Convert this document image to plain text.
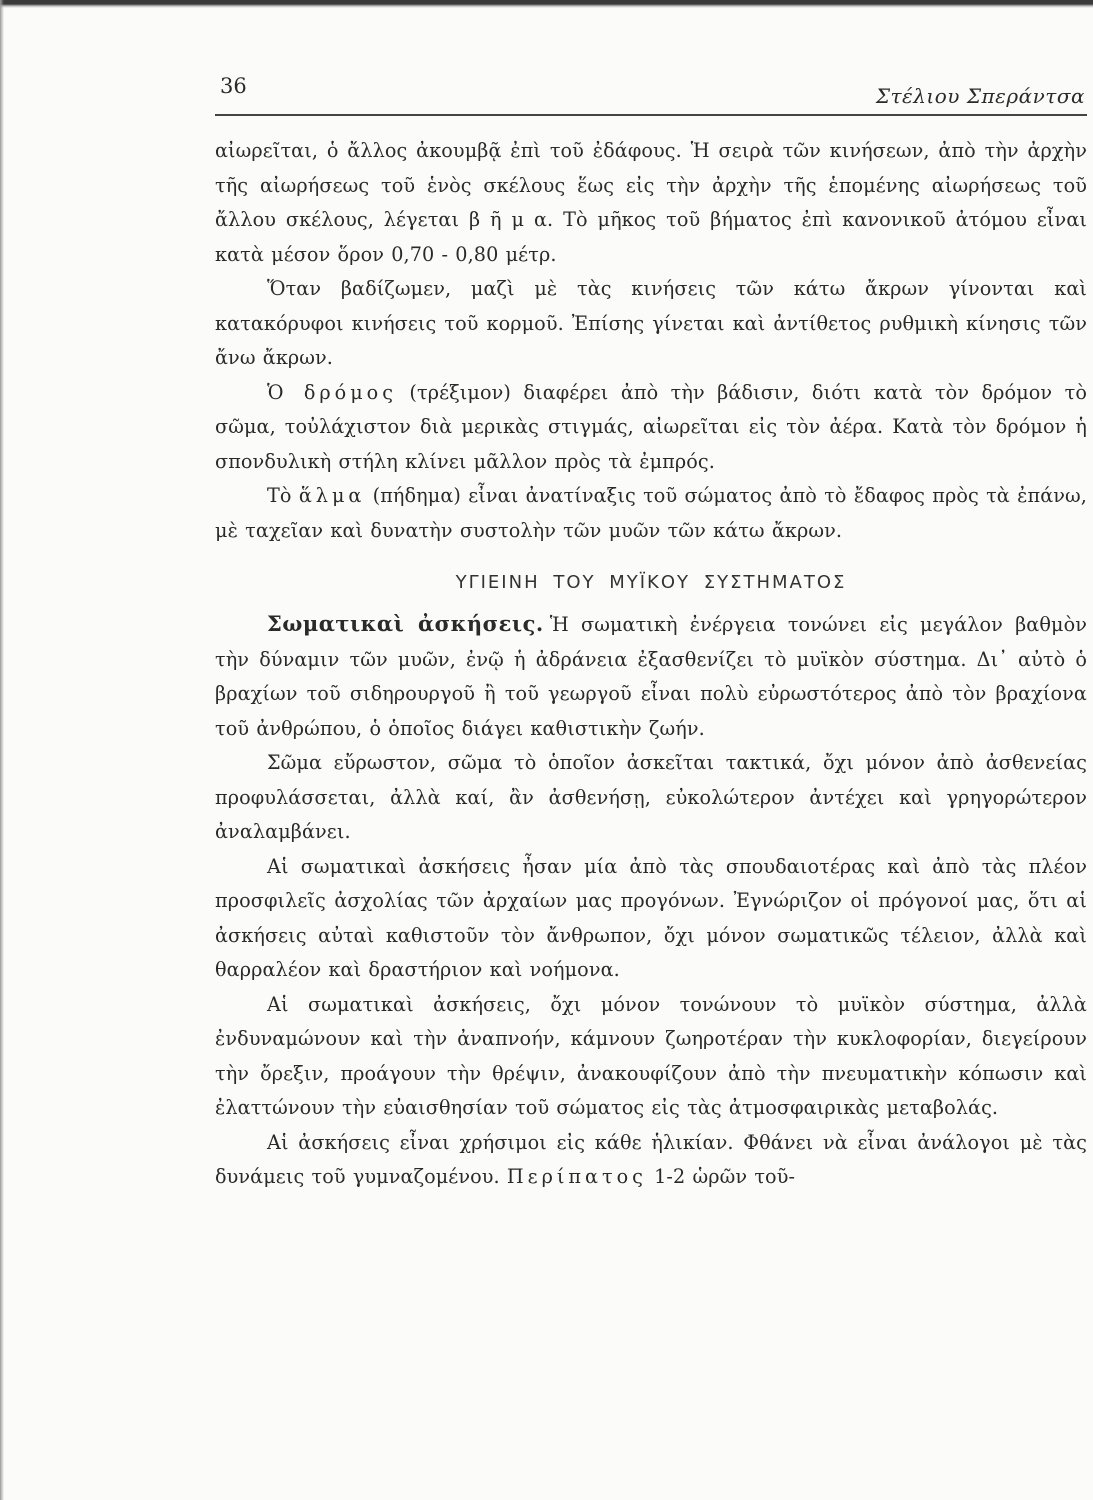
36	Στέλιου Σπεράντσα

αἰωρεῖται, ὁ ἄλλος ἀκουμβᾷ ἐπὶ τοῦ ἐδάφους. Ἡ σειρὰ τῶν κινήσεων, ἀπὸ τὴν ἀρχὴν τῆς αἰωρήσεως τοῦ ἑνὸς σκέλους ἕως εἰς τὴν ἀρχὴν τῆς ἑπομένης αἰωρήσεως τοῦ ἄλλου σκέλους, λέγεται β ῆ μ α. Τὸ μῆκος τοῦ βήματος ἐπὶ κανονικοῦ ἀτόμου εἶναι κατὰ μέσον ὅρον 0,70 - 0,80 μέτρ.

Ὅταν βαδίζωμεν, μαζὶ μὲ τὰς κινήσεις τῶν κάτω ἄκρων γίνονται καὶ κατακόρυφοι κινήσεις τοῦ κορμοῦ. Ἐπίσης γίνεται καὶ ἀντίθετος ρυθμικὴ κίνησις τῶν ἄνω ἄκρων.

Ὁ δρόμος (τρέξιμον) διαφέρει ἀπὸ τὴν βάδισιν, διότι κατὰ τὸν δρόμον τὸ σῶμα, τοὐλάχιστον διὰ μερικὰς στιγμάς, αἰωρεῖται εἰς τὸν ἀέρα. Κατὰ τὸν δρόμον ἡ σπονδυλικὴ στήλη κλίνει μᾶλλον πρὸς τὰ ἐμπρός.

Τὸ ἅλμα (πήδημα) εἶναι ἀνατίναξις τοῦ σώματος ἀπὸ τὸ ἔδαφος πρὸς τὰ ἐπάνω, μὲ ταχεῖαν καὶ δυνατὴν συστολὴν τῶν μυῶν τῶν κάτω ἄκρων.

ΥΓΙΕΙΝΗ ΤΟΥ ΜΥΪΚΟΥ ΣΥΣΤΗΜΑΤΟΣ

Σωματικαὶ ἀσκήσεις. Ἡ σωματικὴ ἐνέργεια τονώνει εἰς μεγάλον βαθμὸν τὴν δύναμιν τῶν μυῶν, ἐνῷ ἡ ἀδράνεια ἐξασθενίζει τὸ μυϊκὸν σύστημα. Δι᾿ αὐτὸ ὁ βραχίων τοῦ σιδηρουργοῦ ἢ τοῦ γεωργοῦ εἶναι πολὺ εὐρωστότερος ἀπὸ τὸν βραχίονα τοῦ ἀνθρώπου, ὁ ὁποῖος διάγει καθιστικὴν ζωήν.

Σῶμα εὔρωστον, σῶμα τὸ ὁποῖον ἀσκεῖται τακτικά, ὄχι μόνον ἀπὸ ἀσθενείας προφυλάσσεται, ἀλλὰ καί, ἂν ἀσθενήσῃ, εὐκολώτερον ἀντέχει καὶ γρηγορώτερον ἀναλαμβάνει.

Αἱ σωματικαὶ ἀσκήσεις ἦσαν μία ἀπὸ τὰς σπουδαιοτέρας καὶ ἀπὸ τὰς πλέον προσφιλεῖς ἀσχολίας τῶν ἀρχαίων μας προγόνων. Ἐγνώριζον οἱ πρόγονοί μας, ὅτι αἱ ἀσκήσεις αὐταὶ καθιστοῦν τὸν ἄνθρωπον, ὄχι μόνον σωματικῶς τέλειον, ἀλλὰ καὶ θαρραλέον καὶ δραστήριον καὶ νοήμονα.

Αἱ σωματικαὶ ἀσκήσεις, ὄχι μόνον τονώνουν τὸ μυϊκὸν σύστημα, ἀλλὰ ἐνδυναμώνουν καὶ τὴν ἀναπνοήν, κάμνουν ζωηροτέραν τὴν κυκλοφορίαν, διεγείρουν τὴν ὄρεξιν, προάγουν τὴν θρέψιν, ἀνακουφίζουν ἀπὸ τὴν πνευματικὴν κόπωσιν καὶ ἐλαττώνουν τὴν εὐαισθησίαν τοῦ σώματος εἰς τὰς ἀτμοσφαιρικὰς μεταβολάς.

Αἱ ἀσκήσεις εἶναι χρήσιμοι εἰς κάθε ἡλικίαν. Φθάνει νὰ εἶναι ἀνάλογοι μὲ τὰς δυνάμεις τοῦ γυμναζομένου. Περίπατος 1-2 ὡρῶν τοῦ-
